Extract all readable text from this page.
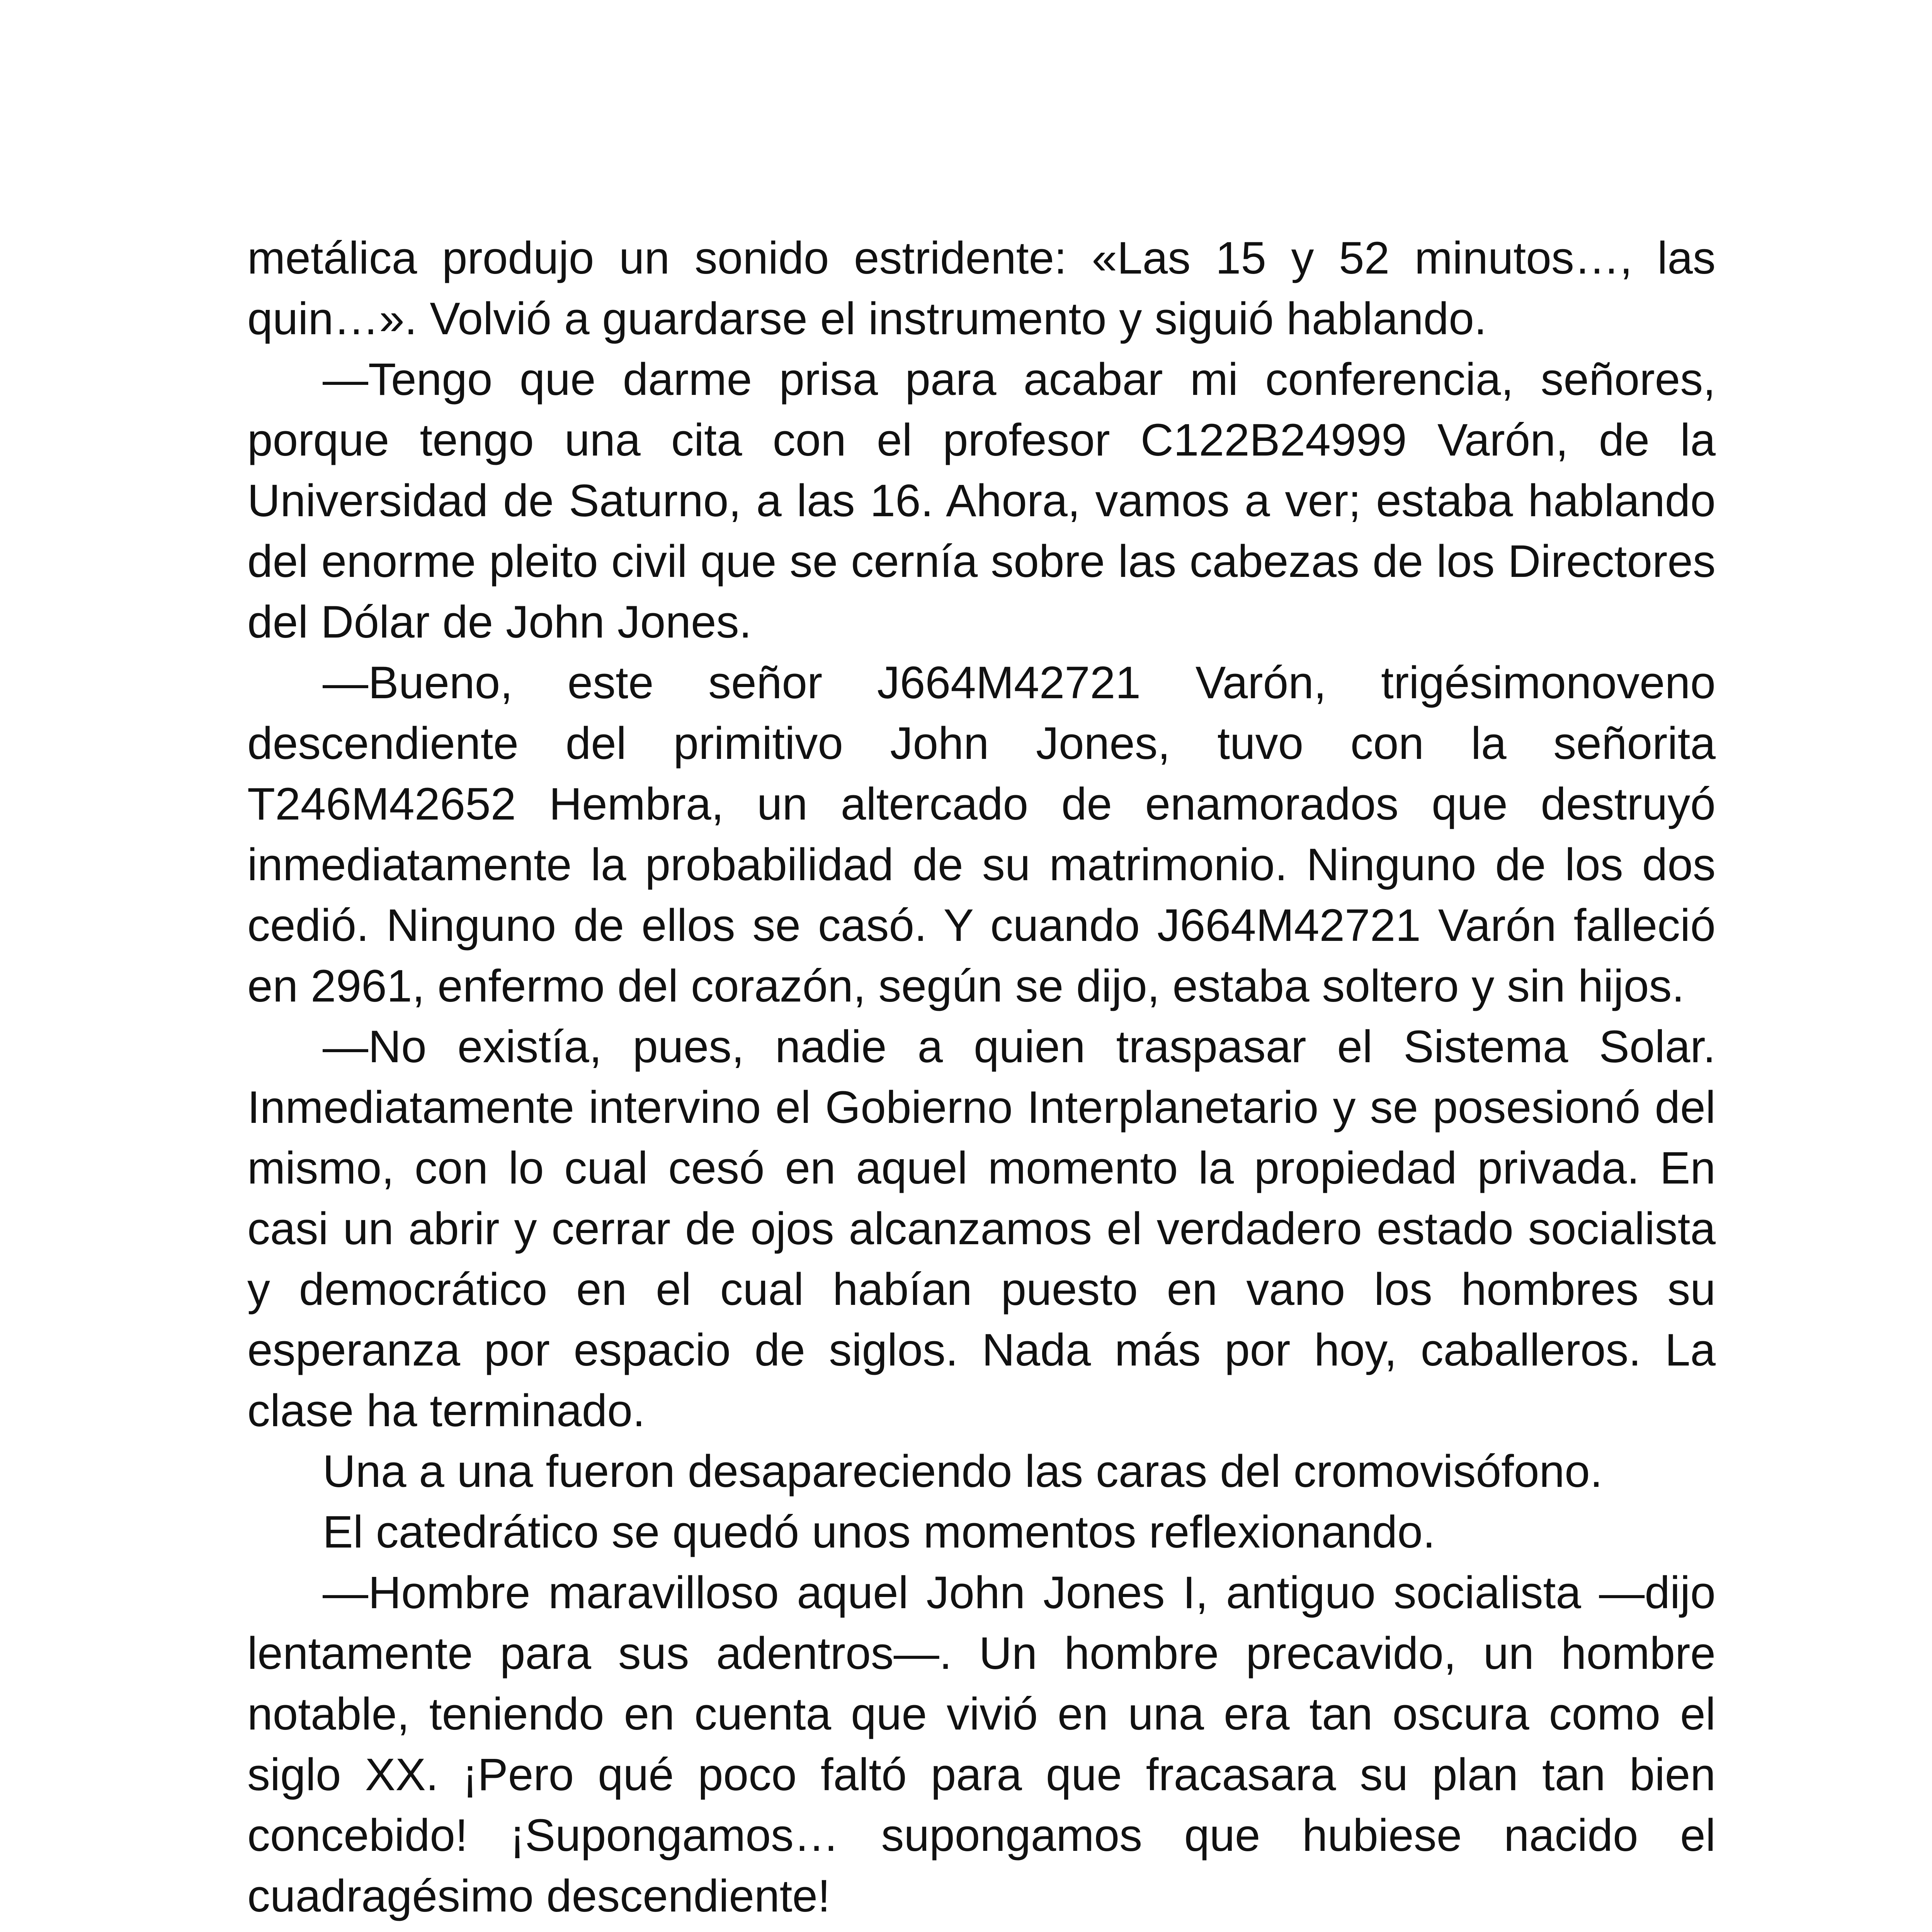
metálica produjo un sonido estridente: «Las 15 y 52 minutos…, las quin…». Volvió a guardarse el instrumento y siguió hablando.

—Tengo que darme prisa para acabar mi conferencia, señores, porque tengo una cita con el profesor C122B24999 Varón, de la Universidad de Saturno, a las 16. Ahora, vamos a ver; estaba hablando del enorme pleito civil que se cernía sobre las cabezas de los Directores del Dólar de John Jones.

—Bueno, este señor J664M42721 Varón, trigésimonoveno descendiente del primitivo John Jones, tuvo con la señorita T246M42652 Hembra, un altercado de enamorados que destruyó inmediatamente la probabilidad de su matrimonio. Ninguno de los dos cedió. Ninguno de ellos se casó. Y cuando J664M42721 Varón falleció en 2961, enfermo del corazón, según se dijo, estaba soltero y sin hijos.

—No existía, pues, nadie a quien traspasar el Sistema Solar. Inmediatamente intervino el Gobierno Interplanetario y se posesionó del mismo, con lo cual cesó en aquel momento la propiedad privada. En casi un abrir y cerrar de ojos alcanzamos el verdadero estado socialista y democrático en el cual habían puesto en vano los hombres su esperanza por espacio de siglos. Nada más por hoy, caballeros. La clase ha terminado.

Una a una fueron desapareciendo las caras del cromovisófono.

El catedrático se quedó unos momentos reflexionando.

—Hombre maravilloso aquel John Jones I, antiguo socialista —dijo lentamente para sus adentros—. Un hombre precavido, un hombre notable, teniendo en cuenta que vivió en una era tan oscura como el siglo XX. ¡Pero qué poco faltó para que fracasara su plan tan bien concebido! ¡Supongamos… supongamos que hubiese nacido el cuadragésimo descendiente!
